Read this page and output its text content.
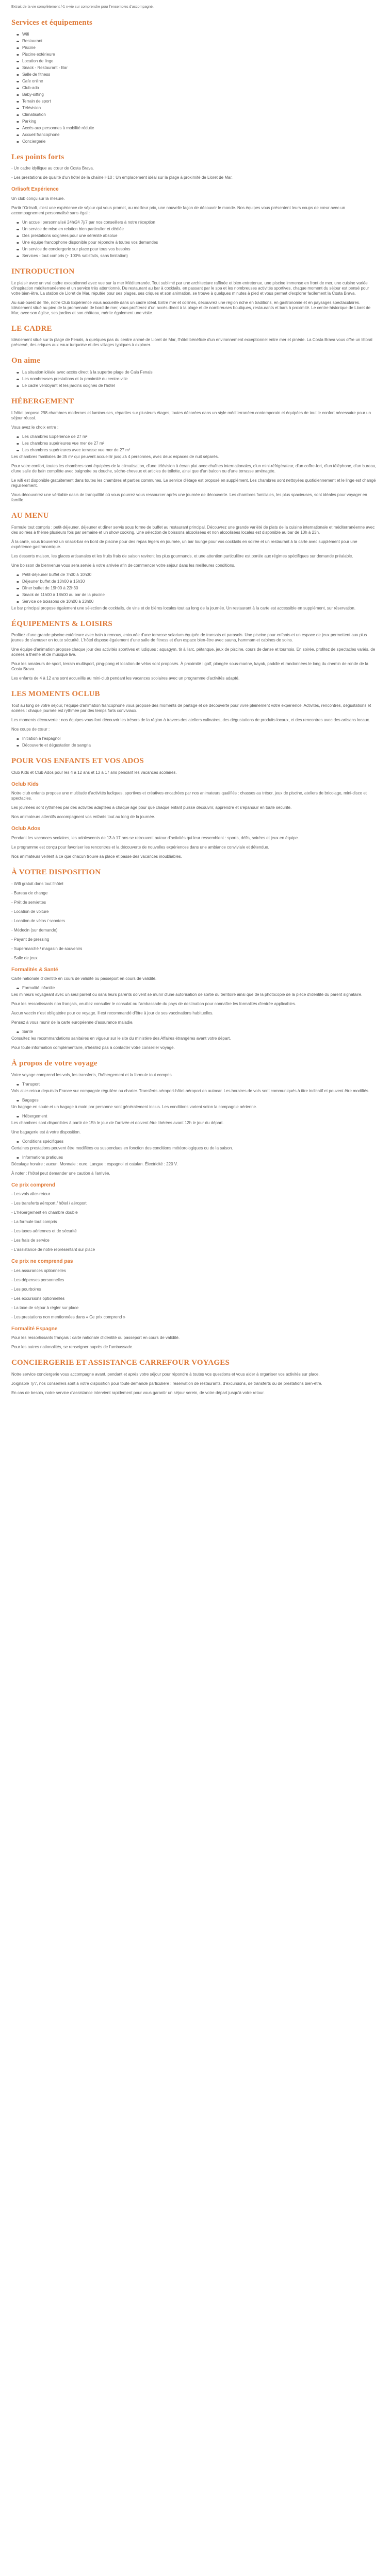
Extrait de la vie complétement /-1 n-vie sur comprendre pour l'ensembles d'accompagné.

Services et équipements
Wifi
Restaurant
Piscine
Piscine extérieure
Location de linge
Snack - Restaurant - Bar
Salle de fitness
Cafe online
Club-ado
Baby-sitting
Terrain de sport
Télévision
Climatisation
Parking
Accès aux personnes à mobilité réduite
Accueil francophone
Conciergerie
Les points forts

- Un cadre idyllique au cœur de Costa Brava.

- Les prestations de qualité d'un hôtel de la chaîne H10 ; Un emplacement idéal sur la plage à proximité de Lloret de Mar.

Orlisoft Expérience

Un club conçu sur la mesure.

Partir l'Orlisoft, c'est une expérience de séjour qui vous promet, au meilleur prix, une nouvelle façon de découvrir le monde. Nos équipes vous présentent leurs coups de cœur avec un accompagnement personnalisé sans égal :

Un accueil personnalisé 24h/24 7j/7 par nos conseillers à notre réception
Un service de mise en relation bien particulier et dédiée
Des prestations soignées pour une sérénité absolue
Une équipe francophone disponible pour répondre à toutes vos demandes
Un service de conciergerie sur place pour tous vos besoins
Services - tout compris (+ 100% satisfaits, sans limitation)
INTRODUCTION

Le plaisir avec un vrai cadre exceptionnel avec vue sur la mer Méditerranée. Tout sublimé par une architecture raffinée et bien entretenue, une piscine immense en front de mer, une cuisine variée d'inspiration méditerranéenne et un service très attentionné. Du restaurant au bar à cocktails, en passant par le spa et les nombreuses activités sportives, chaque moment du séjour est pensé pour votre bien-être. La station de Lloret de Mar, réputée pour ses plages, ses criques et son animation, se trouve à quelques minutes à pied et vous permet d'explorer facilement la Costa Brava.

Au sud-ouest de l'île, notre Club Expérience vous accueille dans un cadre idéal. Entre mer et collines, découvrez une région riche en traditions, en gastronomie et en paysages spectaculaires. Idéalement situé au pied de la promenade de bord de mer, vous profiterez d'un accès direct à la plage et de nombreuses boutiques, restaurants et bars à proximité. Le centre historique de Lloret de Mar, avec son église, ses jardins et son château, mérite également une visite.

LE CADRE

Idéalement situé sur la plage de Fenals, à quelques pas du centre animé de Lloret de Mar, l'hôtel bénéficie d'un environnement exceptionnel entre mer et pinède. La Costa Brava vous offre un littoral préservé, des criques aux eaux turquoise et des villages typiques à explorer.

On aime
La situation idéale avec accès direct à la superbe plage de Cala Fenals
Les nombreuses prestations et la proximité du centre-ville
Le cadre verdoyant et les jardins soignés de l'hôtel
HÉBERGEMENT

L'hôtel propose 298 chambres modernes et lumineuses, réparties sur plusieurs étages, toutes décorées dans un style méditerranéen contemporain et équipées de tout le confort nécessaire pour un séjour réussi.

Vous avez le choix entre :

Les chambres Expérience de 27 m²
Les chambres supérieures vue mer de 27 m²
Les chambres supérieures avec terrasse vue mer de 27 m²

Les chambres familiales de 35 m² qui peuvent accueillir jusqu'à 4 personnes, avec deux espaces de nuit séparés.

Pour votre confort, toutes les chambres sont équipées de la climatisation, d'une télévision à écran plat avec chaînes internationales, d'un mini-réfrigérateur, d'un coffre-fort, d'un téléphone, d'un bureau, d'une salle de bain complète avec baignoire ou douche, sèche-cheveux et articles de toilette, ainsi que d'un balcon ou d'une terrasse aménagée.

Le wifi est disponible gratuitement dans toutes les chambres et parties communes. Le service d'étage est proposé en supplément. Les chambres sont nettoyées quotidiennement et le linge est changé régulièrement.

Vous découvrirez une véritable oasis de tranquillité où vous pourrez vous ressourcer après une journée de découverte. Les chambres familiales, les plus spacieuses, sont idéales pour voyager en famille.

AU MENU

Formule tout compris : petit-déjeuner, déjeuner et dîner servis sous forme de buffet au restaurant principal. Découvrez une grande variété de plats de la cuisine internationale et méditerranéenne avec des soirées à thème plusieurs fois par semaine et un show cooking. Une sélection de boissons alcoolisées et non alcoolisées locales est disponible au bar de 10h à 23h.

À la carte, vous trouverez un snack-bar en bord de piscine pour des repas légers en journée, un bar lounge pour vos cocktails en soirée et un restaurant à la carte avec supplément pour une expérience gastronomique.

Les desserts maison, les glaces artisanales et les fruits frais de saison raviront les plus gourmands, et une attention particulière est portée aux régimes spécifiques sur demande préalable.

Une boisson de bienvenue vous sera servie à votre arrivée afin de commencer votre séjour dans les meilleures conditions.

Petit-déjeuner buffet de 7h00 à 10h30
Déjeuner buffet de 13h00 à 15h30
Dîner buffet de 19h00 à 22h30
Snack de 11h00 à 18h00 au bar de la piscine
Service de boissons de 10h00 à 23h00

Le bar principal propose également une sélection de cocktails, de vins et de bières locales tout au long de la journée. Un restaurant à la carte est accessible en supplément, sur réservation.

ÉQUIPEMENTS & LOISIRS

Profitez d'une grande piscine extérieure avec bain à remous, entourée d'une terrasse solarium équipée de transats et parasols. Une piscine pour enfants et un espace de jeux permettent aux plus jeunes de s'amuser en toute sécurité. L'hôtel dispose également d'une salle de fitness et d'un espace bien-être avec sauna, hammam et cabines de soins.

Une équipe d'animation propose chaque jour des activités sportives et ludiques : aquagym, tir à l'arc, pétanque, jeux de piscine, cours de danse et tournois. En soirée, profitez de spectacles variés, de soirées à thème et de musique live.

Pour les amateurs de sport, terrain multisport, ping-pong et location de vélos sont proposés. À proximité : golf, plongée sous-marine, kayak, paddle et randonnées le long du chemin de ronde de la Costa Brava.

Les enfants de 4 à 12 ans sont accueillis au mini-club pendant les vacances scolaires avec un programme d'activités adapté.

LES MOMENTS OCLUB

Tout au long de votre séjour, l'équipe d'animation francophone vous propose des moments de partage et de découverte pour vivre pleinement votre expérience. Activités, rencontres, dégustations et soirées : chaque journée est rythmée par des temps forts conviviaux.

Les moments découverte : nos équipes vous font découvrir les trésors de la région à travers des ateliers culinaires, des dégustations de produits locaux, et des rencontres avec des artisans locaux.

Nos coups de cœur :

Initiation à l'espagnol
Découverte et dégustation de sangria
POUR VOS ENFANTS ET VOS ADOS

Club Kids et Club Ados pour les 4 à 12 ans et 13 à 17 ans pendant les vacances scolaires.

Oclub Kids

Notre club enfants propose une multitude d'activités ludiques, sportives et créatives encadrées par nos animateurs qualifiés : chasses au trésor, jeux de piscine, ateliers de bricolage, mini-disco et spectacles.

Les journées sont rythmées par des activités adaptées à chaque âge pour que chaque enfant puisse découvrir, apprendre et s'épanouir en toute sécurité.

Nos animateurs attentifs accompagnent vos enfants tout au long de la journée.

Oclub Ados

Pendant les vacances scolaires, les adolescents de 13 à 17 ans se retrouvent autour d'activités qui leur ressemblent : sports, défis, soirées et jeux en équipe.

Le programme est conçu pour favoriser les rencontres et la découverte de nouvelles expériences dans une ambiance conviviale et détendue.

Nos animateurs veillent à ce que chacun trouve sa place et passe des vacances inoubliables.

À VOTRE DISPOSITION

- Wifi gratuit dans tout l'hôtel

- Bureau de change

- Prêt de serviettes

- Location de voiture

- Location de vélos / scooters

- Médecin (sur demande)

- Payant de pressing

- Supermarché / magasin de souvenirs

- Salle de jeux

Formalités & Santé

Carte nationale d'identité en cours de validité ou passeport en cours de validité.

Formalité infantile

Les mineurs voyageant avec un seul parent ou sans leurs parents doivent se munir d'une autorisation de sortie du territoire ainsi que de la photocopie de la pièce d'identité du parent signataire.

Pour les ressortissants non français, veuillez consulter le consulat ou l'ambassade du pays de destination pour connaître les formalités d'entrée applicables.

Aucun vaccin n'est obligatoire pour ce voyage. Il est recommandé d'être à jour de ses vaccinations habituelles.

Pensez à vous munir de la carte européenne d'assurance maladie.

Santé

Consultez les recommandations sanitaires en vigueur sur le site du ministère des Affaires étrangères avant votre départ.

Pour toute information complémentaire, n'hésitez pas à contacter votre conseiller voyage.

À propos de votre voyage

Votre voyage comprend les vols, les transferts, l'hébergement et la formule tout compris.

Transport

Vols aller-retour depuis la France sur compagnie régulière ou charter. Transferts aéroport-hôtel-aéroport en autocar. Les horaires de vols sont communiqués à titre indicatif et peuvent être modifiés.

Bagages

Un bagage en soute et un bagage à main par personne sont généralement inclus. Les conditions varient selon la compagnie aérienne.

Hébergement

Les chambres sont disponibles à partir de 15h le jour de l'arrivée et doivent être libérées avant 12h le jour du départ.

Une bagagerie est à votre disposition.

Conditions spécifiques

Certaines prestations peuvent être modifiées ou suspendues en fonction des conditions météorologiques ou de la saison.

Informations pratiques

Décalage horaire : aucun. Monnaie : euro. Langue : espagnol et catalan. Électricité : 220 V.

À noter : l'hôtel peut demander une caution à l'arrivée.

Ce prix comprend

- Les vols aller-retour

- Les transferts aéroport / hôtel / aéroport

- L'hébergement en chambre double

- La formule tout compris

- Les taxes aériennes et de sécurité

- Les frais de service

- L'assistance de notre représentant sur place

Ce prix ne comprend pas

- Les assurances optionnelles

- Les dépenses personnelles

- Les pourboires

- Les excursions optionnelles

- La taxe de séjour à régler sur place

- Les prestations non mentionnées dans « Ce prix comprend »

Formalité Espagne

Pour les ressortissants français : carte nationale d'identité ou passeport en cours de validité.

Pour les autres nationalités, se renseigner auprès de l'ambassade.

CONCIERGERIE ET ASSISTANCE CARREFOUR VOYAGES

Notre service conciergerie vous accompagne avant, pendant et après votre séjour pour répondre à toutes vos questions et vous aider à organiser vos activités sur place.

Joignable 7j/7, nos conseillers sont à votre disposition pour toute demande particulière : réservation de restaurants, d'excursions, de transferts ou de prestations bien-être.

En cas de besoin, notre service d'assistance intervient rapidement pour vous garantir un séjour serein, de votre départ jusqu'à votre retour.
